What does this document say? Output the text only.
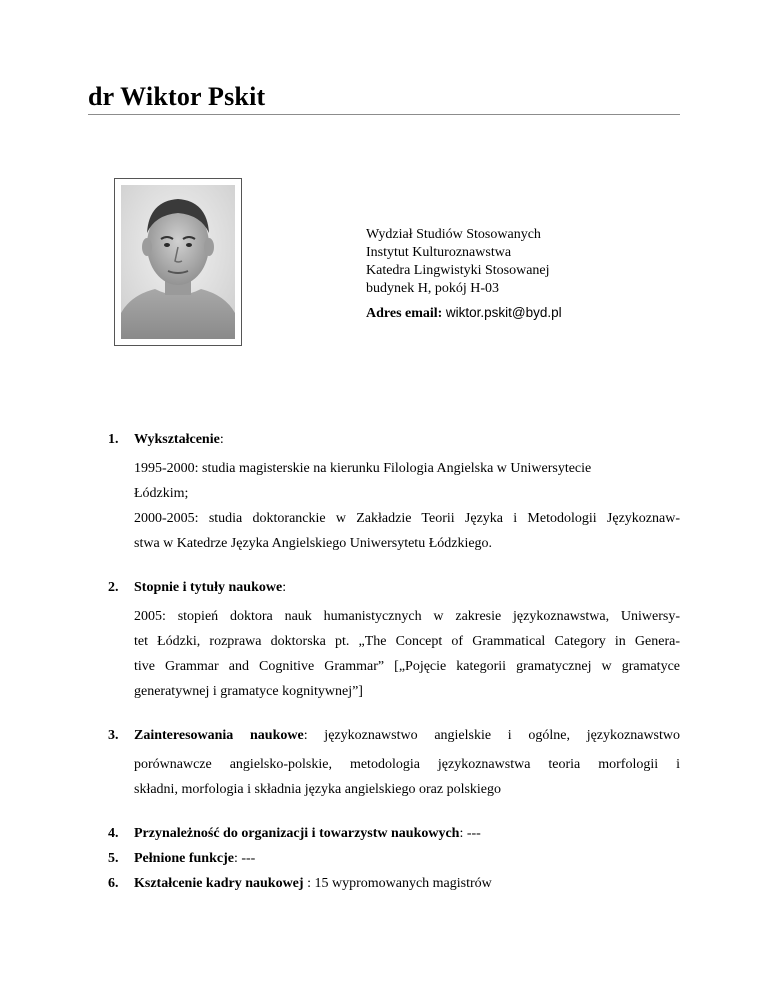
dr Wiktor Pskit
Wydział Studiów Stosowanych
Instytut Kulturoznawstwa
Katedra Lingwistyki Stosowanej
budynek H, pokój H-03
Adres email: wiktor.pskit@byd.pl
1. Wykształcenie:
1995-2000: studia magisterskie na kierunku Filologia Angielska w Uniwersytecie
Łódzkim;
2000-2005: studia doktoranckie w Zakładzie Teorii Języka i Metodologii Językoznaw-
stwa w Katedrze Języka Angielskiego Uniwersytetu Łódzkiego.
2. Stopnie i tytuły naukowe:
2005: stopień doktora nauk humanistycznych w zakresie językoznawstwa, Uniwersy-
tet Łódzki, rozprawa doktorska pt. „The Concept of Grammatical Category in Genera-
tive Grammar and Cognitive Grammar” [„Pojęcie kategorii gramatycznej w gramatyce
generatywnej i gramatyce kognitywnej”]
3. Zainteresowania naukowe: językoznawstwo angielskie i ogólne, językoznawstwo
porównawcze angielsko-polskie, metodologia językoznawstwa teoria morfologii i
składni, morfologia i składnia języka angielskiego oraz polskiego
4. Przynależność do organizacji i towarzystw naukowych: ---
5. Pełnione funkcje: ---
6. Kształcenie kadry naukowej : 15 wypromowanych magistrów
